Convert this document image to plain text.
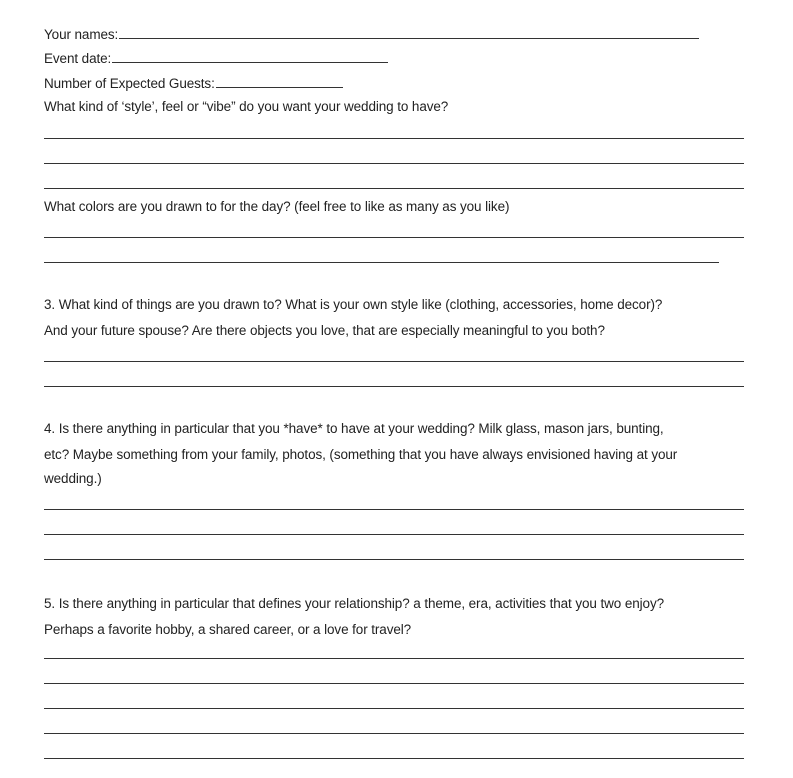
Your names:
Event date:
Number of Expected Guests:
What kind of ‘style’, feel or “vibe” do you want your wedding to have?
What colors are you drawn to for the day? (feel free to like as many as you like)
3. What kind of things are you drawn to? What is your own style like (clothing, accessories, home decor)?
And your future spouse? Are there objects you love, that are especially meaningful to you both?
4. Is there anything in particular that you *have* to have at your wedding? Milk glass, mason jars, bunting,
etc? Maybe something from your family, photos, (something that you have always envisioned having at your
wedding.)
5. Is there anything in particular that defines your relationship? a theme, era, activities that you two enjoy?
Perhaps a favorite hobby, a shared career, or a love for travel?
